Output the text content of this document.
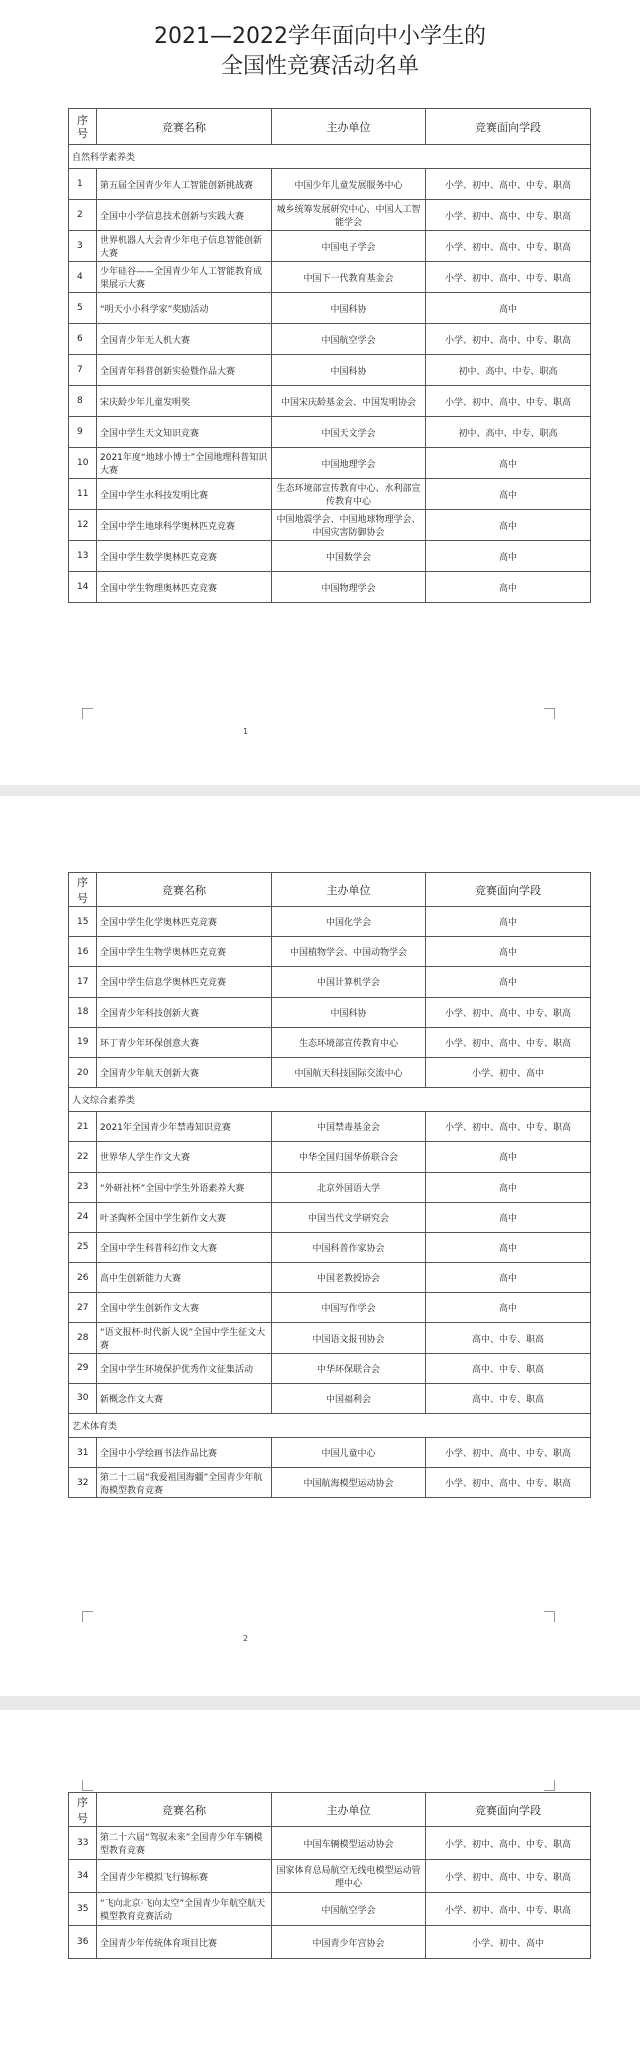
2021—2022学年面向中小学生的
全国性竞赛活动名单
序
号	竞赛名称	主办单位	竞赛面向学段
自然科学素养类			
1	第五届全国青少年人工智能创新挑战赛	中国少年儿童发展服务中心	小学、初中、高中、中专、职高
2	全国中小学信息技术创新与实践大赛	城乡统筹发展研究中心、中国人工智能学会	小学、初中、高中、中专、职高
3	世界机器人大会青少年电子信息智能创新大赛	中国电子学会	小学、初中、高中、中专、职高
4	少年硅谷——全国青少年人工智能教育成果展示大赛	中国下一代教育基金会	小学、初中、高中、中专、职高
5	“明天小小科学家”奖励活动	中国科协	高中
6	全国青少年无人机大赛	中国航空学会	小学、初中、高中、中专、职高
7	全国青年科普创新实验暨作品大赛	中国科协	初中、高中、中专、职高
8	宋庆龄少年儿童发明奖	中国宋庆龄基金会、中国发明协会	小学、初中、高中、中专、职高
9	全国中学生天文知识竞赛	中国天文学会	初中、高中、中专、职高
10	2021年度“地球小博士”全国地理科普知识大赛	中国地理学会	高中
11	全国中学生水科技发明比赛	生态环境部宣传教育中心、水利部宣传教育中心	高中
12	全国中学生地球科学奥林匹克竞赛	中国地震学会、中国地球物理学会、中国灾害防御协会	高中
13	全国中学生数学奥林匹克竞赛	中国数学会	高中
14	全国中学生物理奥林匹克竞赛	中国物理学会	高中
1
序号	竞赛名称	主办单位	竞赛面向学段
15	全国中学生化学奥林匹克竞赛	中国化学会	高中
16	全国中学生生物学奥林匹克竞赛	中国植物学会、中国动物学会	高中
17	全国中学生信息学奥林匹克竞赛	中国计算机学会	高中
18	全国青少年科技创新大赛	中国科协	小学、初中、高中、中专、职高
19	环丁青少年环保创意大赛	生态环境部宣传教育中心	小学、初中、高中、中专、职高
20	全国青少年航天创新大赛	中国航天科技国际交流中心	小学、初中、高中
人文综合素养类			
21	2021年全国青少年禁毒知识竞赛	中国禁毒基金会	小学、初中、高中、中专、职高
22	世界华人学生作文大赛	中华全国归国华侨联合会	高中
23	“外研社杯”全国中学生外语素养大赛	北京外国语大学	高中
24	叶圣陶杯全国中学生新作文大赛	中国当代文学研究会	高中
25	全国中学生科普科幻作文大赛	中国科普作家协会	高中
26	高中生创新能力大赛	中国老教授协会	高中
27	全国中学生创新作文大赛	中国写作学会	高中
28	“语文报杯·时代新人说”全国中学生征文大赛	中国语文报刊协会	高中、中专、职高
29	全国中学生环境保护优秀作文征集活动	中华环保联合会	高中、中专、职高
30	新概念作文大赛	中国福利会	高中、中专、职高
艺术体育类			
31	全国中小学绘画书法作品比赛	中国儿童中心	小学、初中、高中、中专、职高
32	第二十二届“我爱祖国海疆”全国青少年航海模型教育竞赛	中国航海模型运动协会	小学、初中、高中、中专、职高
2
序号	竞赛名称	主办单位	竞赛面向学段
33	第二十六届“驾驭未来”全国青少年车辆模型教育竞赛	中国车辆模型运动协会	小学、初中、高中、中专、职高
34	全国青少年模拟飞行锦标赛	国家体育总局航空无线电模型运动管理中心	小学、初中、高中、中专、职高
35	“飞向北京·飞向太空”全国青少年航空航天模型教育竞赛活动	中国航空学会	小学、初中、高中、中专、职高
36	全国青少年传统体育项目比赛	中国青少年宫协会	小学、初中、高中
